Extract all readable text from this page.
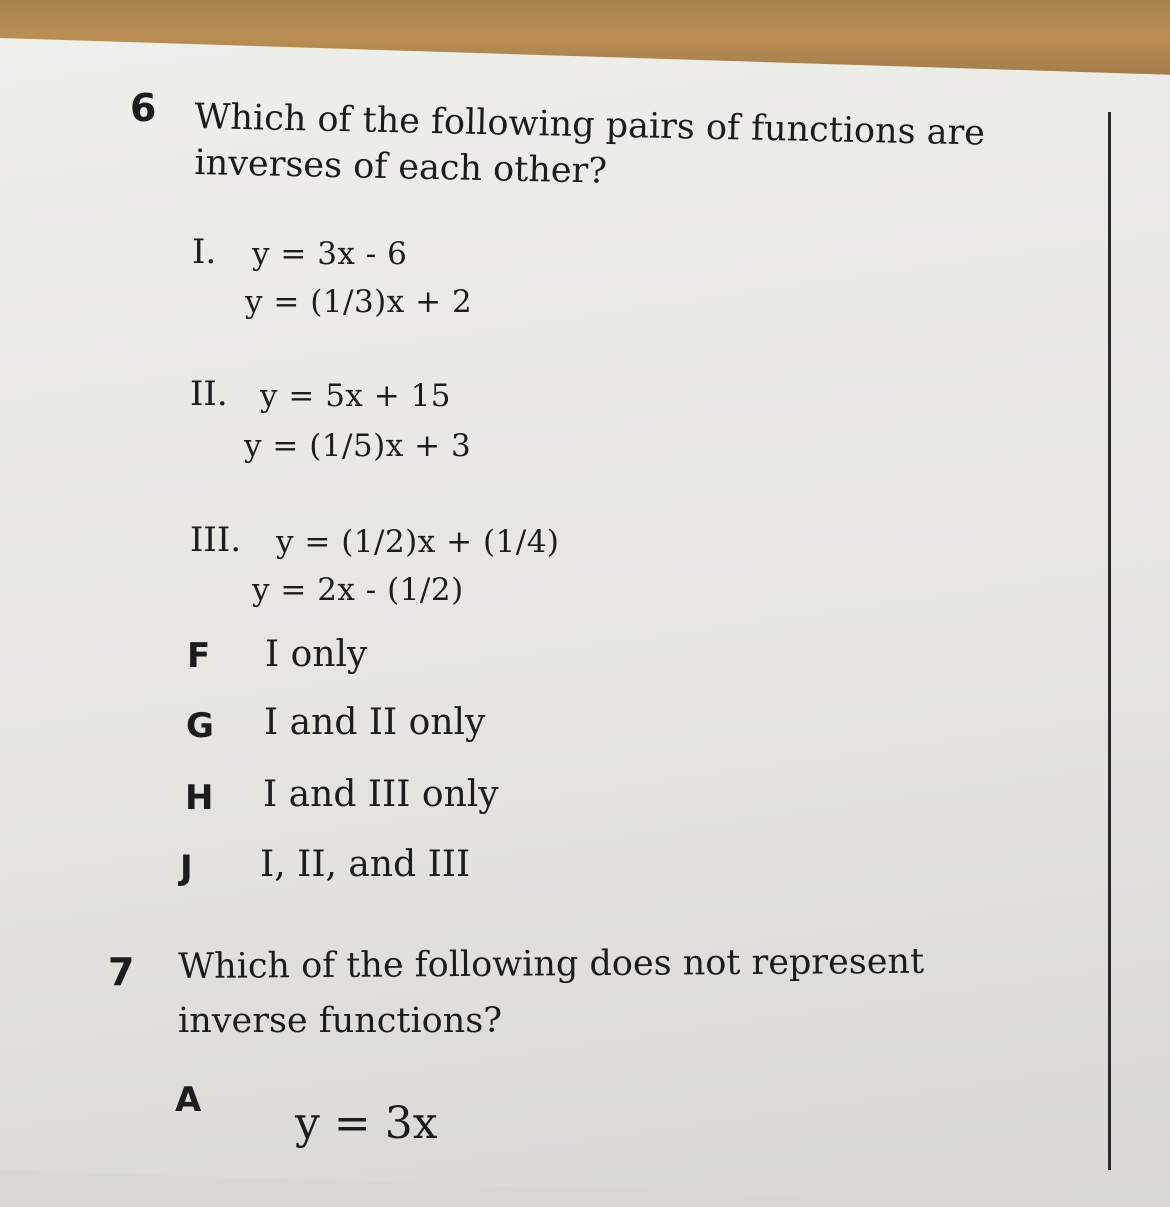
6 Which of the following pairs of functions are
inverses of each other?
I. y = 3x - 6
y = (1/3)x + 2
II. y = 5x + 15
y = (1/5)x + 3
III. y = (1/2)x + (1/4)
y = 2x - (1/2)
F I only
G I and II only
H I and III only
J I, II, and III
7 Which of the following does not represent
inverse functions?
A y = 3x
